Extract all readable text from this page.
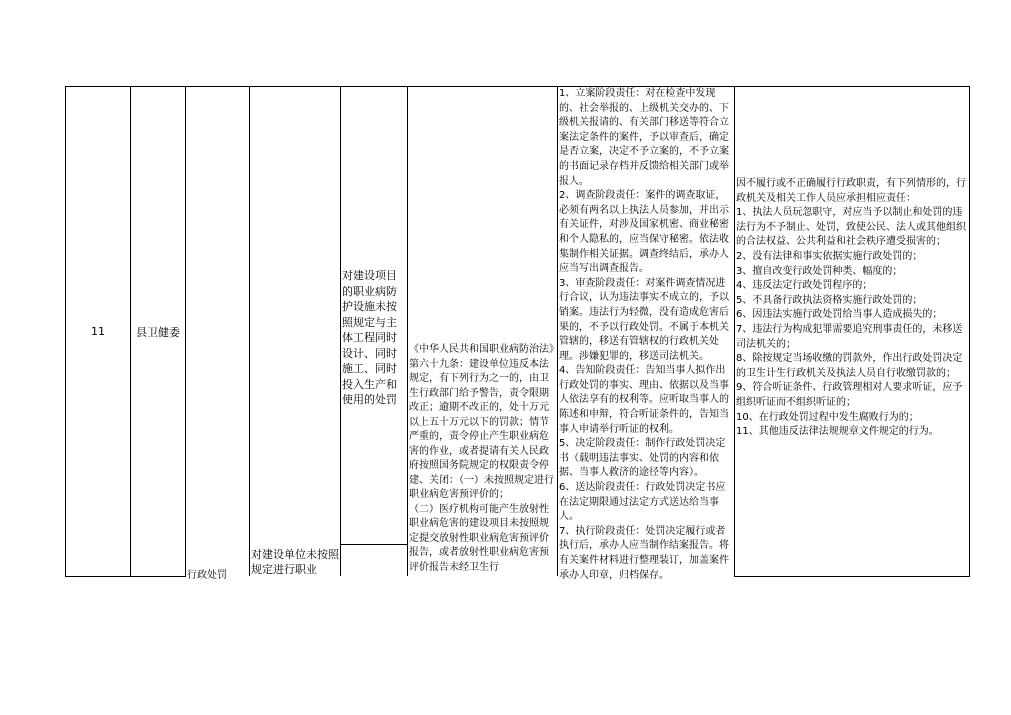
11	县卫健委
行政处罚
对建设单位未按照规定进行职业
对建设项目的职业病防护设施未按照规定与主体工程同时设计、同时施工、同时投入生产和使用的处罚
《中华人民共和国职业病防治法》第六十九条：建设单位违反本法规定，有下列行为之一的，由卫生行政部门给予警告，责令限期改正；逾期不改正的，处十万元以上五十万元以下的罚款；情节严重的，责令停止产生职业病危害的作业，或者提请有关人民政府按照国务院规定的权限责令停建、关闭：（一）未按照规定进行职业病危害预评价的；
（二）医疗机构可能产生放射性职业病危害的建设项目未按照规定提交放射性职业病危害预评价报告，或者放射性职业病危害预评价报告未经卫生行
1、立案阶段责任：对在检查中发现的、社会举报的、上级机关交办的、下级机关报请的、有关部门移送等符合立案法定条件的案件，予以审查后，确定是否立案，决定不予立案的，不予立案的书面记录存档并反馈给相关部门或举报人。
2、调查阶段责任：案件的调查取证，必须有两名以上执法人员参加，并出示有关证件，对涉及国家机密、商业秘密和个人隐私的，应当保守秘密。依法收集制作相关证据。调查终结后，承办人应当写出调查报告。
3、审查阶段责任：对案件调查情况进行合议，认为违法事实不成立的，予以销案。违法行为轻微，没有造成危害后果的，不予以行政处罚。不属于本机关管辖的，移送有管辖权的行政机关处理。涉嫌犯罪的，移送司法机关。
4、告知阶段责任：告知当事人拟作出行政处罚的事实、理由、依据以及当事人依法享有的权利等。应听取当事人的陈述和申辩，符合听证条件的，告知当事人申请举行听证的权利。
5、决定阶段责任：制作行政处罚决定书（载明违法事实、处罚的内容和依据、当事人救济的途径等内容）。
6、送达阶段责任：行政处罚决定书应在法定期限通过法定方式送达给当事人。
7、执行阶段责任：处罚决定履行或者执行后，承办人应当制作结案报告。将有关案件材料进行整理装订，加盖案件承办人印章，归档保存。
因不履行或不正确履行行政职责，有下列情形的，行政机关及相关工作人员应承担相应责任：
1、执法人员玩忽职守，对应当予以制止和处罚的违法行为不予制止、处罚，致使公民、法人或其他组织的合法权益、公共利益和社会秩序遭受损害的；
2、没有法律和事实依据实施行政处罚的；
3、擅自改变行政处罚种类、幅度的；
4、违反法定行政处罚程序的；
5、不具备行政执法资格实施行政处罚的；
6、因违法实施行政处罚给当事人造成损失的；
7、违法行为构成犯罪需要追究刑事责任的，未移送司法机关的；
8、除按规定当场收缴的罚款外，作出行政处罚决定的卫生计生行政机关及执法人员自行收缴罚款的；
9、符合听证条件、行政管理相对人要求听证，应予组织听证而不组织听证的；
10、在行政处罚过程中发生腐败行为的；
11、其他违反法律法规规章文件规定的行为。
